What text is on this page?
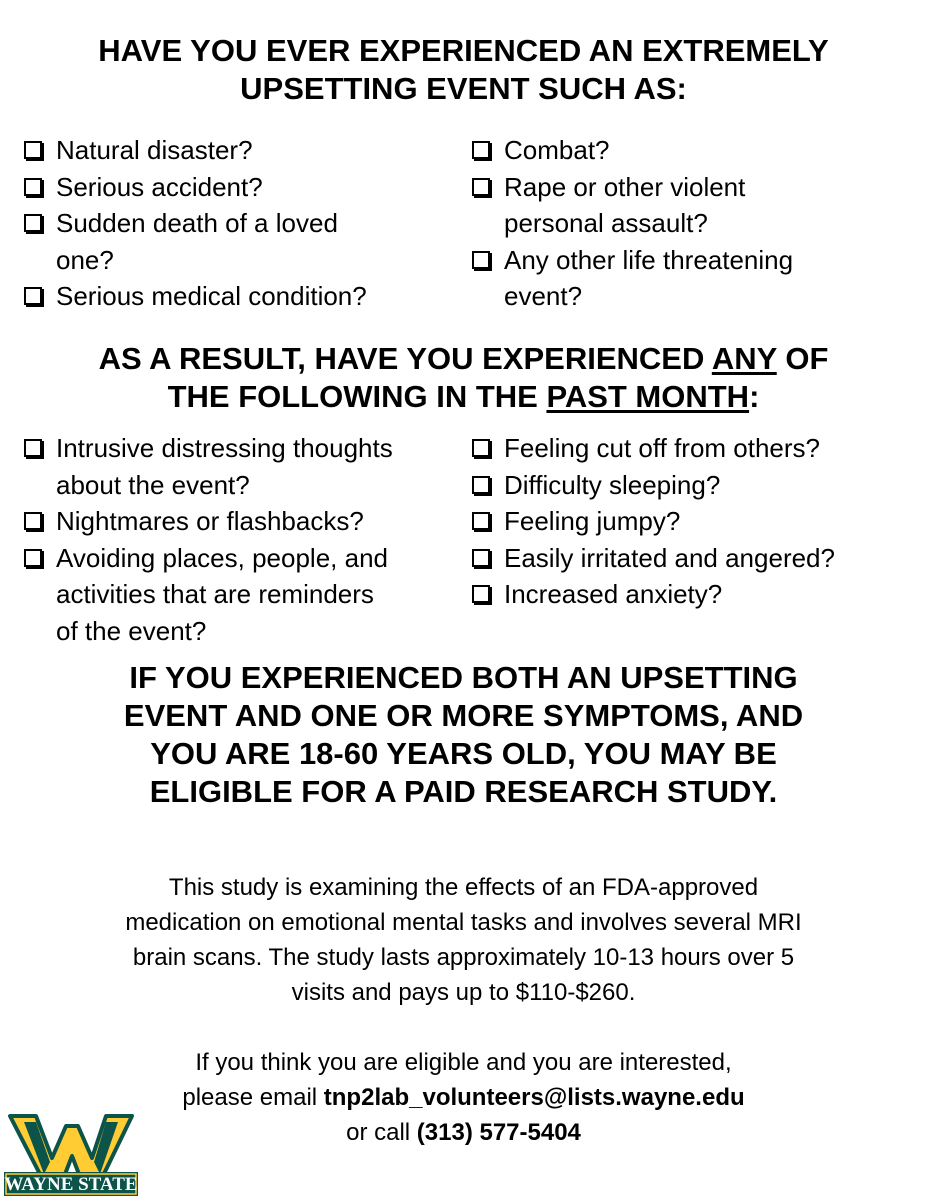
HAVE YOU EVER EXPERIENCED AN EXTREMELY
UPSETTING EVENT SUCH AS:
Natural disaster?
Serious accident?
Sudden death of a loved
one?
Serious medical condition?
Combat?
Rape or other violent
personal assault?
Any other life threatening
event?
AS A RESULT, HAVE YOU EXPERIENCED ANY OF
THE FOLLOWING IN THE PAST MONTH:
Intrusive distressing thoughts
about the event?
Nightmares or flashbacks?
Avoiding places, people, and
activities that are reminders
of the event?
Feeling cut off from others?
Difficulty sleeping?
Feeling jumpy?
Easily irritated and angered?
Increased anxiety?
IF YOU EXPERIENCED BOTH AN UPSETTING
EVENT AND ONE OR MORE SYMPTOMS, AND
YOU ARE 18-60 YEARS OLD, YOU MAY BE
ELIGIBLE FOR A PAID RESEARCH STUDY.
This study is examining the effects of an FDA-approved
medication on emotional mental tasks and involves several MRI
brain scans. The study lasts approximately 10-13 hours over 5
visits and pays up to $110-$260.
If you think you are eligible and you are interested,
please email tnp2lab_volunteers@lists.wayne.edu
or call (313) 577-5404
WAYNE STATE
